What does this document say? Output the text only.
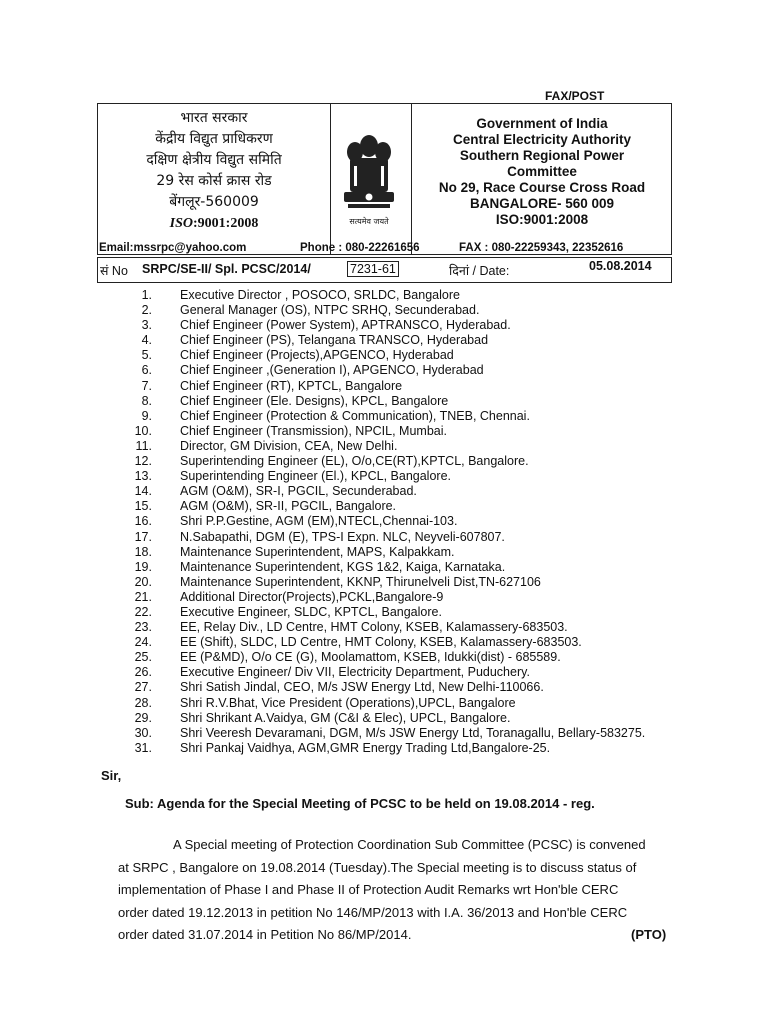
FAX/POST
भारत सरकार
केंद्रीय विद्युत प्राधिकरण
दक्षिण क्षेत्रीय विद्युत समिति
29 रेस कोर्स क्रास रोड
बेंगलूर-560009
ISO:9001:2008	सत्यमेव जयते
Government of India
Central Electricity Authority
Southern Regional Power
Committee
No 29, Race Course Cross Road
BANGALORE- 560 009
ISO:9001:2008
Email:mssrpc@yahoo.com	Phone : 080-22261656	FAX : 080-22259343, 22352616
सं No SRPC/SE-II/ Spl. PCSC/2014/	7231-61	दिनां / Date:	05.08.2014
1. Executive Director , POSOCO, SRLDC, Bangalore
2. General Manager (OS), NTPC SRHQ, Secunderabad.
3. Chief Engineer (Power System), APTRANSCO, Hyderabad.
4. Chief Engineer (PS), Telangana TRANSCO, Hyderabad
5. Chief Engineer (Projects),APGENCO, Hyderabad
6. Chief Engineer ,(Generation I), APGENCO, Hyderabad
7. Chief Engineer (RT), KPTCL, Bangalore
8. Chief Engineer (Ele. Designs), KPCL, Bangalore
9. Chief Engineer (Protection & Communication), TNEB, Chennai.
10. Chief Engineer (Transmission), NPCIL, Mumbai.
11. Director, GM Division, CEA, New Delhi.
12. Superintending Engineer (EL), O/o,CE(RT),KPTCL, Bangalore.
13. Superintending Engineer (El.), KPCL, Bangalore.
14. AGM (O&M), SR-I, PGCIL, Secunderabad.
15. AGM (O&M), SR-II, PGCIL, Bangalore.
16. Shri P.P.Gestine, AGM (EM),NTECL,Chennai-103.
17. N.Sabapathi, DGM (E), TPS-I Expn. NLC, Neyveli-607807.
18. Maintenance Superintendent, MAPS, Kalpakkam.
19. Maintenance Superintendent, KGS 1&2, Kaiga, Karnataka.
20. Maintenance Superintendent, KKNP, Thirunelveli Dist,TN-627106
21. Additional Director(Projects),PCKL,Bangalore-9
22. Executive Engineer, SLDC, KPTCL, Bangalore.
23. EE, Relay Div., LD Centre, HMT Colony, KSEB, Kalamassery-683503.
24. EE (Shift), SLDC, LD Centre, HMT Colony, KSEB, Kalamassery-683503.
25. EE (P&MD), O/o CE (G), Moolamattom, KSEB, Idukki(dist) - 685589.
26. Executive Engineer/ Div VII, Electricity Department, Puduchery.
27. Shri Satish Jindal, CEO, M/s JSW Energy Ltd, New Delhi-110066.
28. Shri R.V.Bhat, Vice President (Operations),UPCL, Bangalore
29. Shri Shrikant A.Vaidya, GM (C&I & Elec), UPCL, Bangalore.
30. Shri Veeresh Devaramani, DGM, M/s JSW Energy Ltd, Toranagallu, Bellary-583275.
31. Shri Pankaj Vaidhya, AGM,GMR Energy Trading Ltd,Bangalore-25.
Sir,
Sub: Agenda for the Special Meeting of PCSC to be held on 19.08.2014 - reg.

A Special meeting of Protection Coordination Sub Committee (PCSC) is convened

at SRPC , Bangalore on 19.08.2014 (Tuesday).The Special meeting is to discuss status of

implementation of Phase I and Phase II of Protection Audit Remarks wrt Hon'ble CERC

order dated 19.12.2013 in petition No 146/MP/2013 with I.A. 36/2013 and Hon'ble CERC

order dated 31.07.2014 in Petition No 86/MP/2014.	(PTO)
